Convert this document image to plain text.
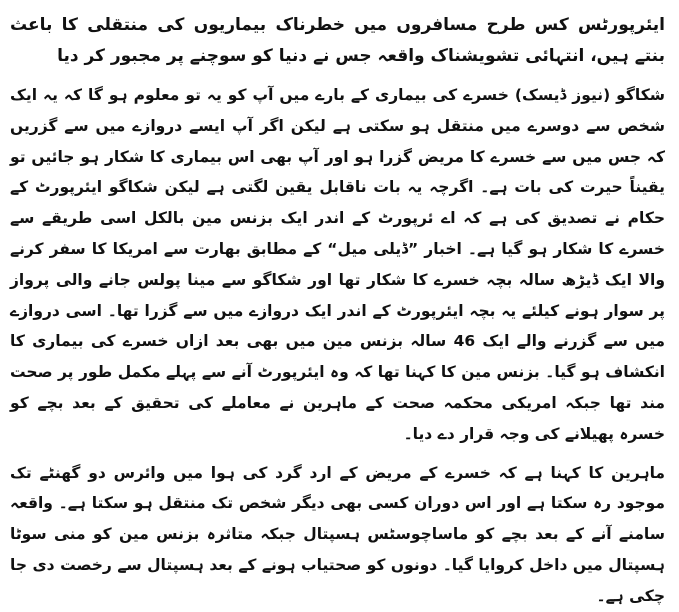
ایئرپورٹس کس طرح مسافروں میں خطرناک بیماریوں کی منتقلی کا باعث بنتے ہیں، انتہائی تشویشناک واقعہ جس نے دنیا کو سوچنے پر مجبور کر دیا

شکاگو (نیوز ڈیسک) خسرے کی بیماری کے بارے میں آپ کو یہ تو معلوم ہو گا کہ یہ ایک شخص سے دوسرے میں منتقل ہو سکتی ہے لیکن اگر آپ ایسے دروازے میں سے گزریں کہ جس میں سے خسرے کا مریض گزرا ہو اور آپ بھی اس بیماری کا شکار ہو جائیں تو یقیناً حیرت کی بات ہے۔ اگرچہ یہ بات ناقابل یقین لگتی ہے لیکن شکاگو ایئرپورٹ کے حکام نے تصدیق کی ہے کہ اے ئرپورٹ کے اندر ایک بزنس مین بالکل اسی طریقے سے خسرے کا شکار ہو گیا ہے۔ اخبار ”ڈیلی میل“ کے مطابق بھارت سے امریکا کا سفر کرنے والا ایک ڈیڑھ سالہ بچہ خسرے کا شکار تھا اور شکاگو سے مینا پولس جانے والی پرواز پر سوار ہونے کیلئے یہ بچہ ایئرپورٹ کے اندر ایک دروازے میں سے گزرا تھا۔ اسی دروازے میں سے گزرنے والے ایک 46 سالہ بزنس مین میں بھی بعد ازاں خسرے کی بیماری کا انکشاف ہو گیا۔ بزنس مین کا کہنا تھا کہ وہ ایئرپورٹ آنے سے پہلے مکمل طور پر صحت مند تھا جبکہ امریکی محکمہ صحت کے ماہرین نے معاملے کی تحقیق کے بعد بچے کو خسرہ پھیلانے کی وجہ قرار دے دیا۔

ماہرین کا کہنا ہے کہ خسرے کے مریض کے ارد گرد کی ہوا میں وائرس دو گھنٹے تک موجود رہ سکتا ہے اور اس دوران کسی بھی دیگر شخص تک منتقل ہو سکتا ہے۔ واقعہ سامنے آنے کے بعد بچے کو ماساچوسٹس ہسپتال جبکہ متاثرہ بزنس مین کو منی سوٹا ہسپتال میں داخل کروایا گیا۔ دونوں کو صحتیاب ہونے کے بعد ہسپتال سے رخصت دی جا چکی ہے۔
